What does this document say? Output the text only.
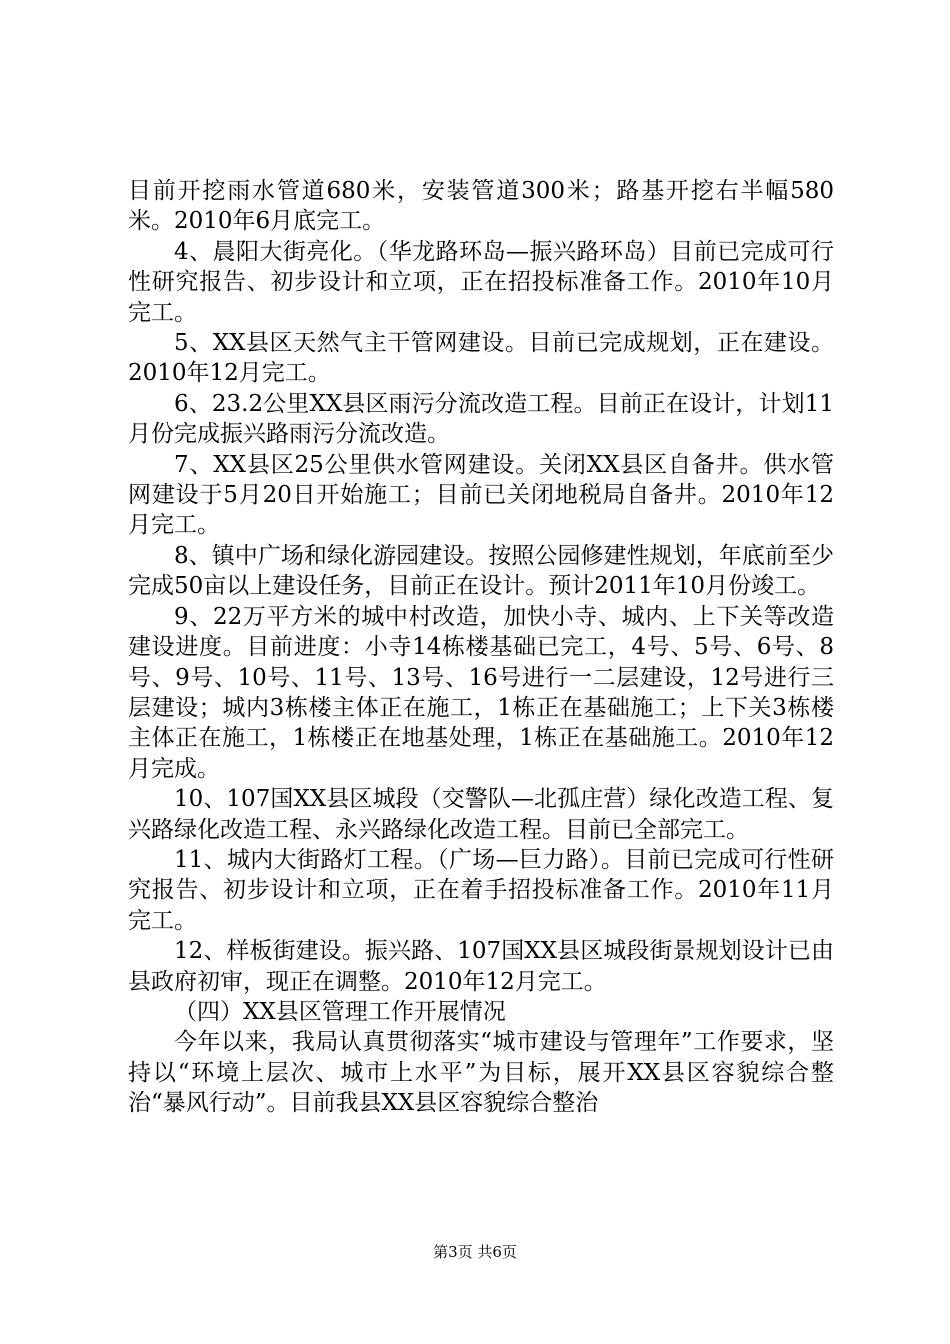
目前开挖雨水管道680米，安装管道300米；路基开挖右半幅580米。2010年6月底完工。

4、晨阳大街亮化。（华龙路环岛—振兴路环岛）目前已完成可行性研究报告、初步设计和立项，正在招投标准备工作。2010年10月完工。

5、XX县区天然气主干管网建设。目前已完成规划，正在建设。2010年12月完工。

6、23.2公里XX县区雨污分流改造工程。目前正在设计，计划11月份完成振兴路雨污分流改造。

7、XX县区25公里供水管网建设。关闭XX县区自备井。供水管网建设于5月20日开始施工；目前已关闭地税局自备井。2010年12月完工。

8、镇中广场和绿化游园建设。按照公园修建性规划，年底前至少完成50亩以上建设任务，目前正在设计。预计2011年10月份竣工。

9、22万平方米的城中村改造，加快小寺、城内、上下关等改造建设进度。目前进度：小寺14栋楼基础已完工，4号、5号、6号、8号、9号、10号、11号、13号、16号进行一二层建设，12号进行三层建设；城内3栋楼主体正在施工，1栋正在基础施工；上下关3栋楼主体正在施工，1栋楼正在地基处理，1栋正在基础施工。2010年12月完成。

10、107国XX县区城段（交警队—北孤庄营）绿化改造工程、复兴路绿化改造工程、永兴路绿化改造工程。目前已全部完工。

11、城内大街路灯工程。（广场—巨力路）。目前已完成可行性研究报告、初步设计和立项，正在着手招投标准备工作。2010年11月完工。

12、样板街建设。振兴路、107国XX县区城段街景规划设计已由县政府初审，现正在调整。2010年12月完工。

（四）XX县区管理工作开展情况

今年以来，我局认真贯彻落实“城市建设与管理年”工作要求，坚持以“环境上层次、城市上水平”为目标，展开XX县区容貌综合整治“暴风行动”。目前我县XX县区容貌综合整治

第3页 共6页
